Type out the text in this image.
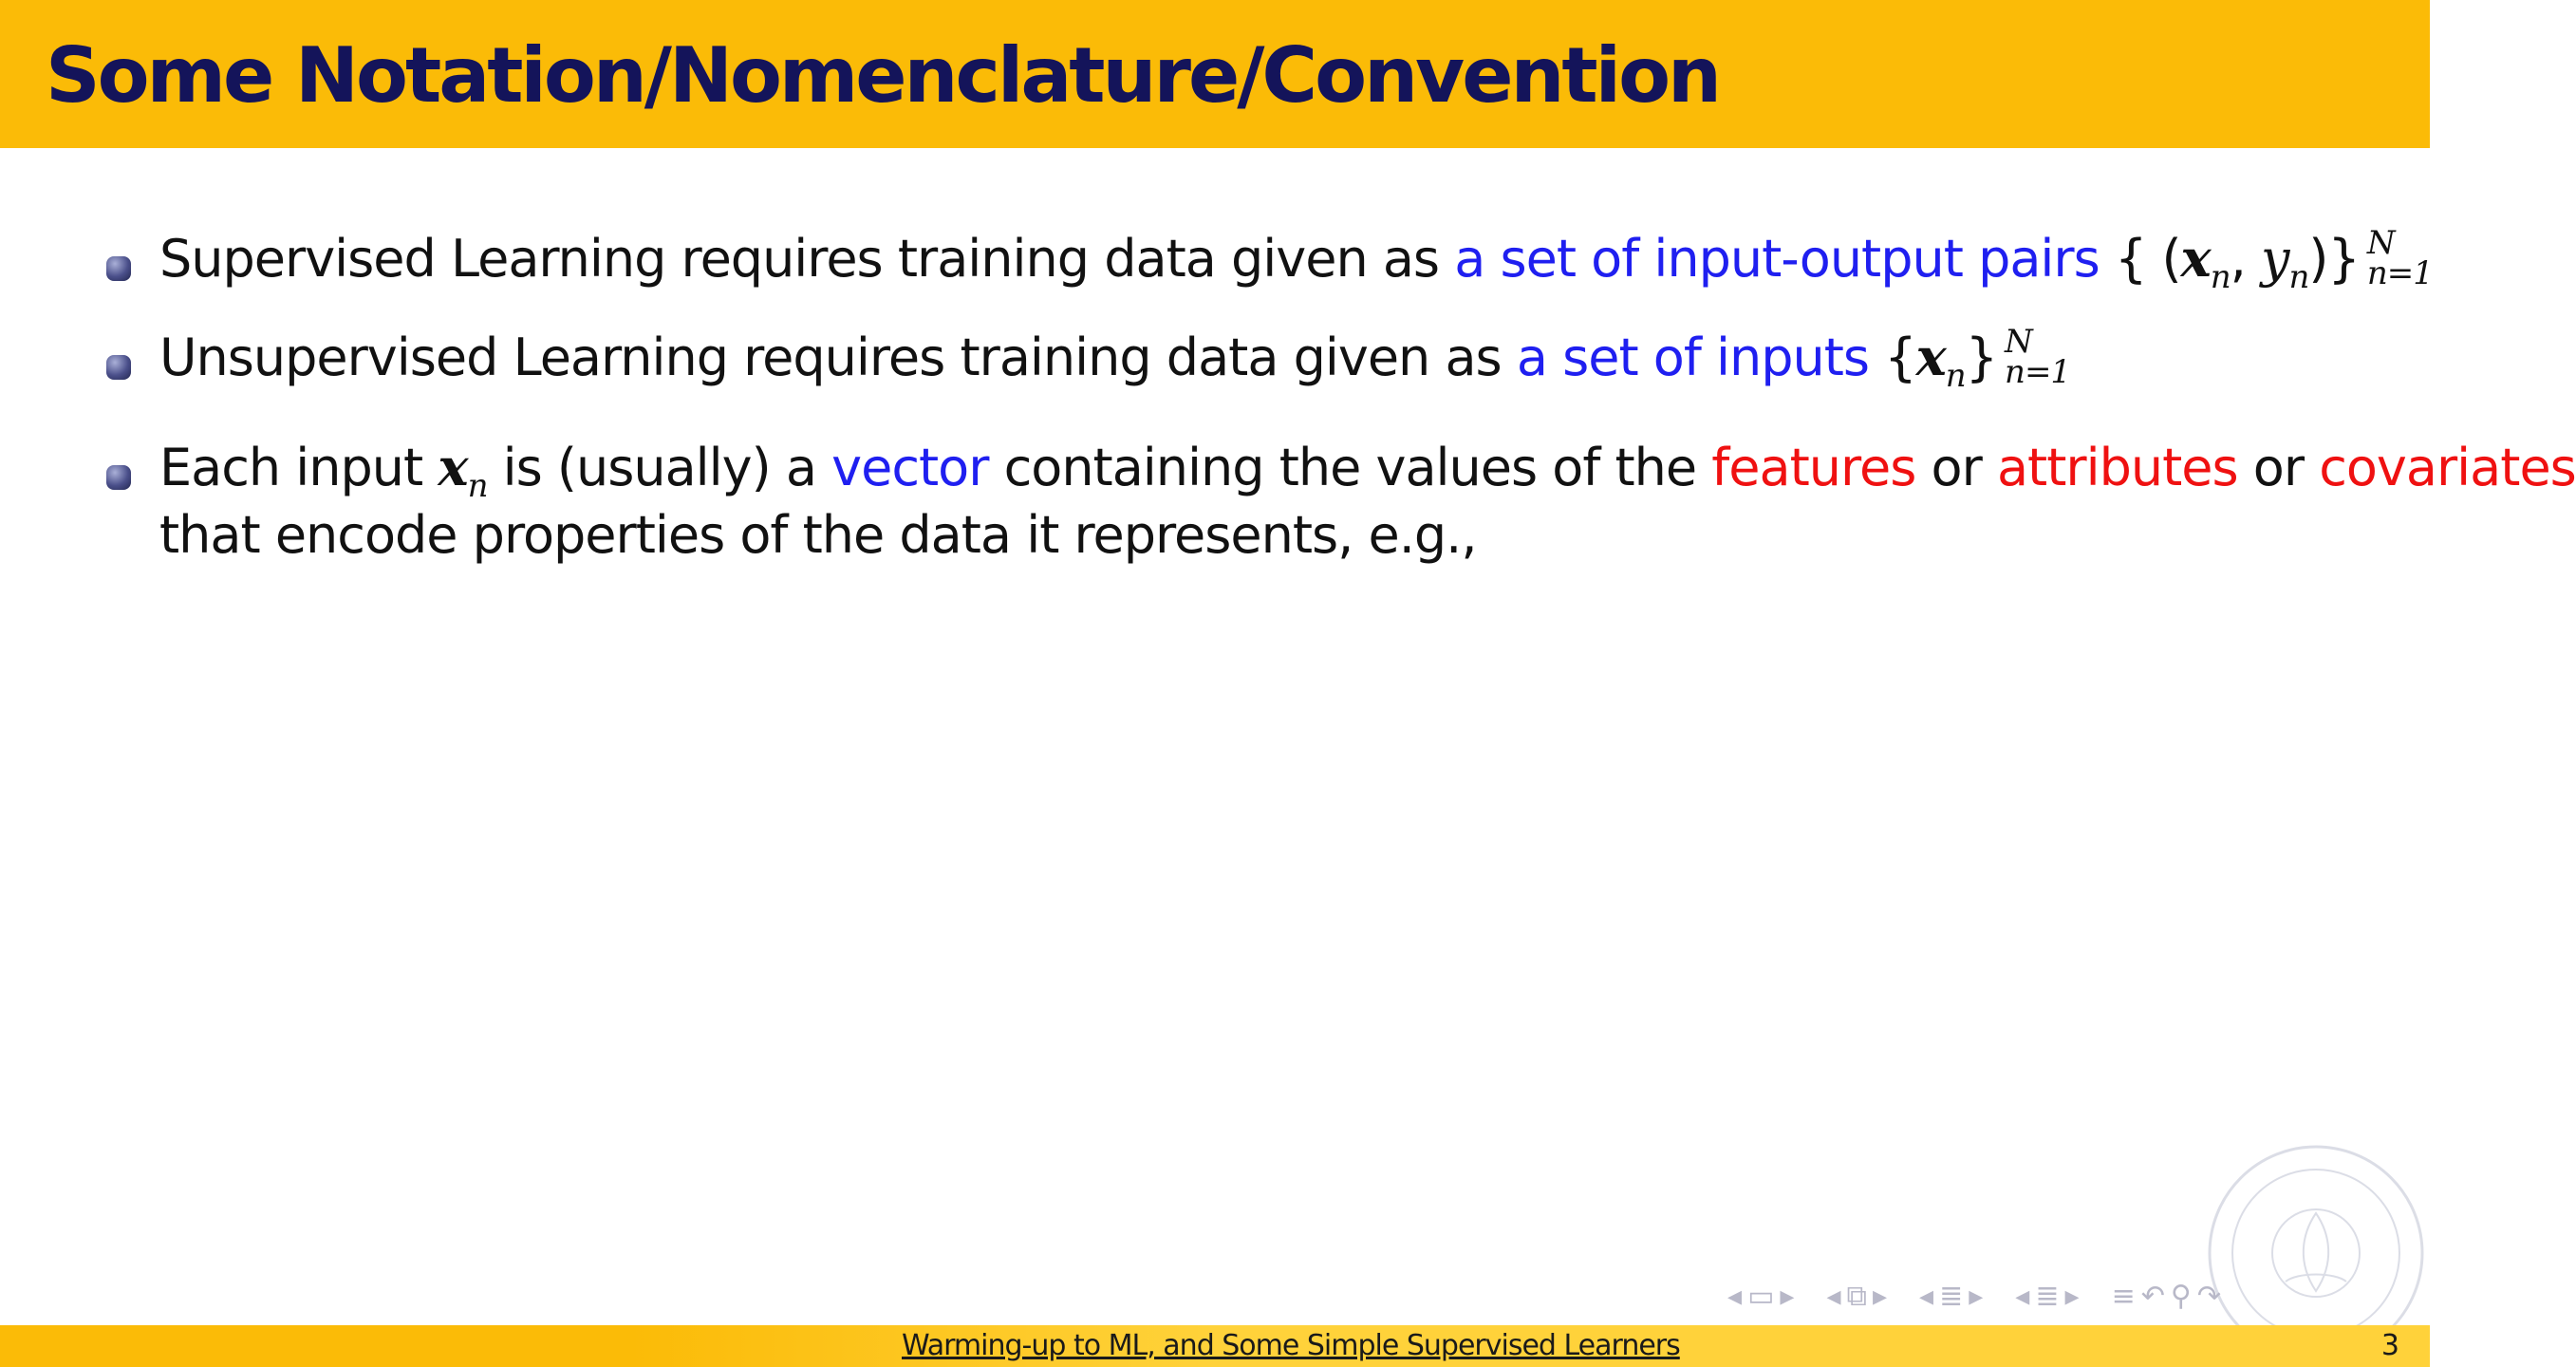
Some Notation/Nomenclature/Convention
Supervised Learning requires training data given as a set of input-output pairs { ($x_n$, $y_n$)} N
n=1
Unsupervised Learning requires training data given as a set of inputs $\{x_n\}$ N
n=1
Each input $x_n$ is (usually) a vector containing the values of the features or attributes or covariates
that encode properties of the data it represents, e.g.,
◂ ▭ ▸ ◂ ⧉ ▸ ◂ ≣ ▸ ◂ ≣ ▸ ≡ ↶ ⚲ ↷
Warming-up to ML, and Some Simple Supervised Learners	3
